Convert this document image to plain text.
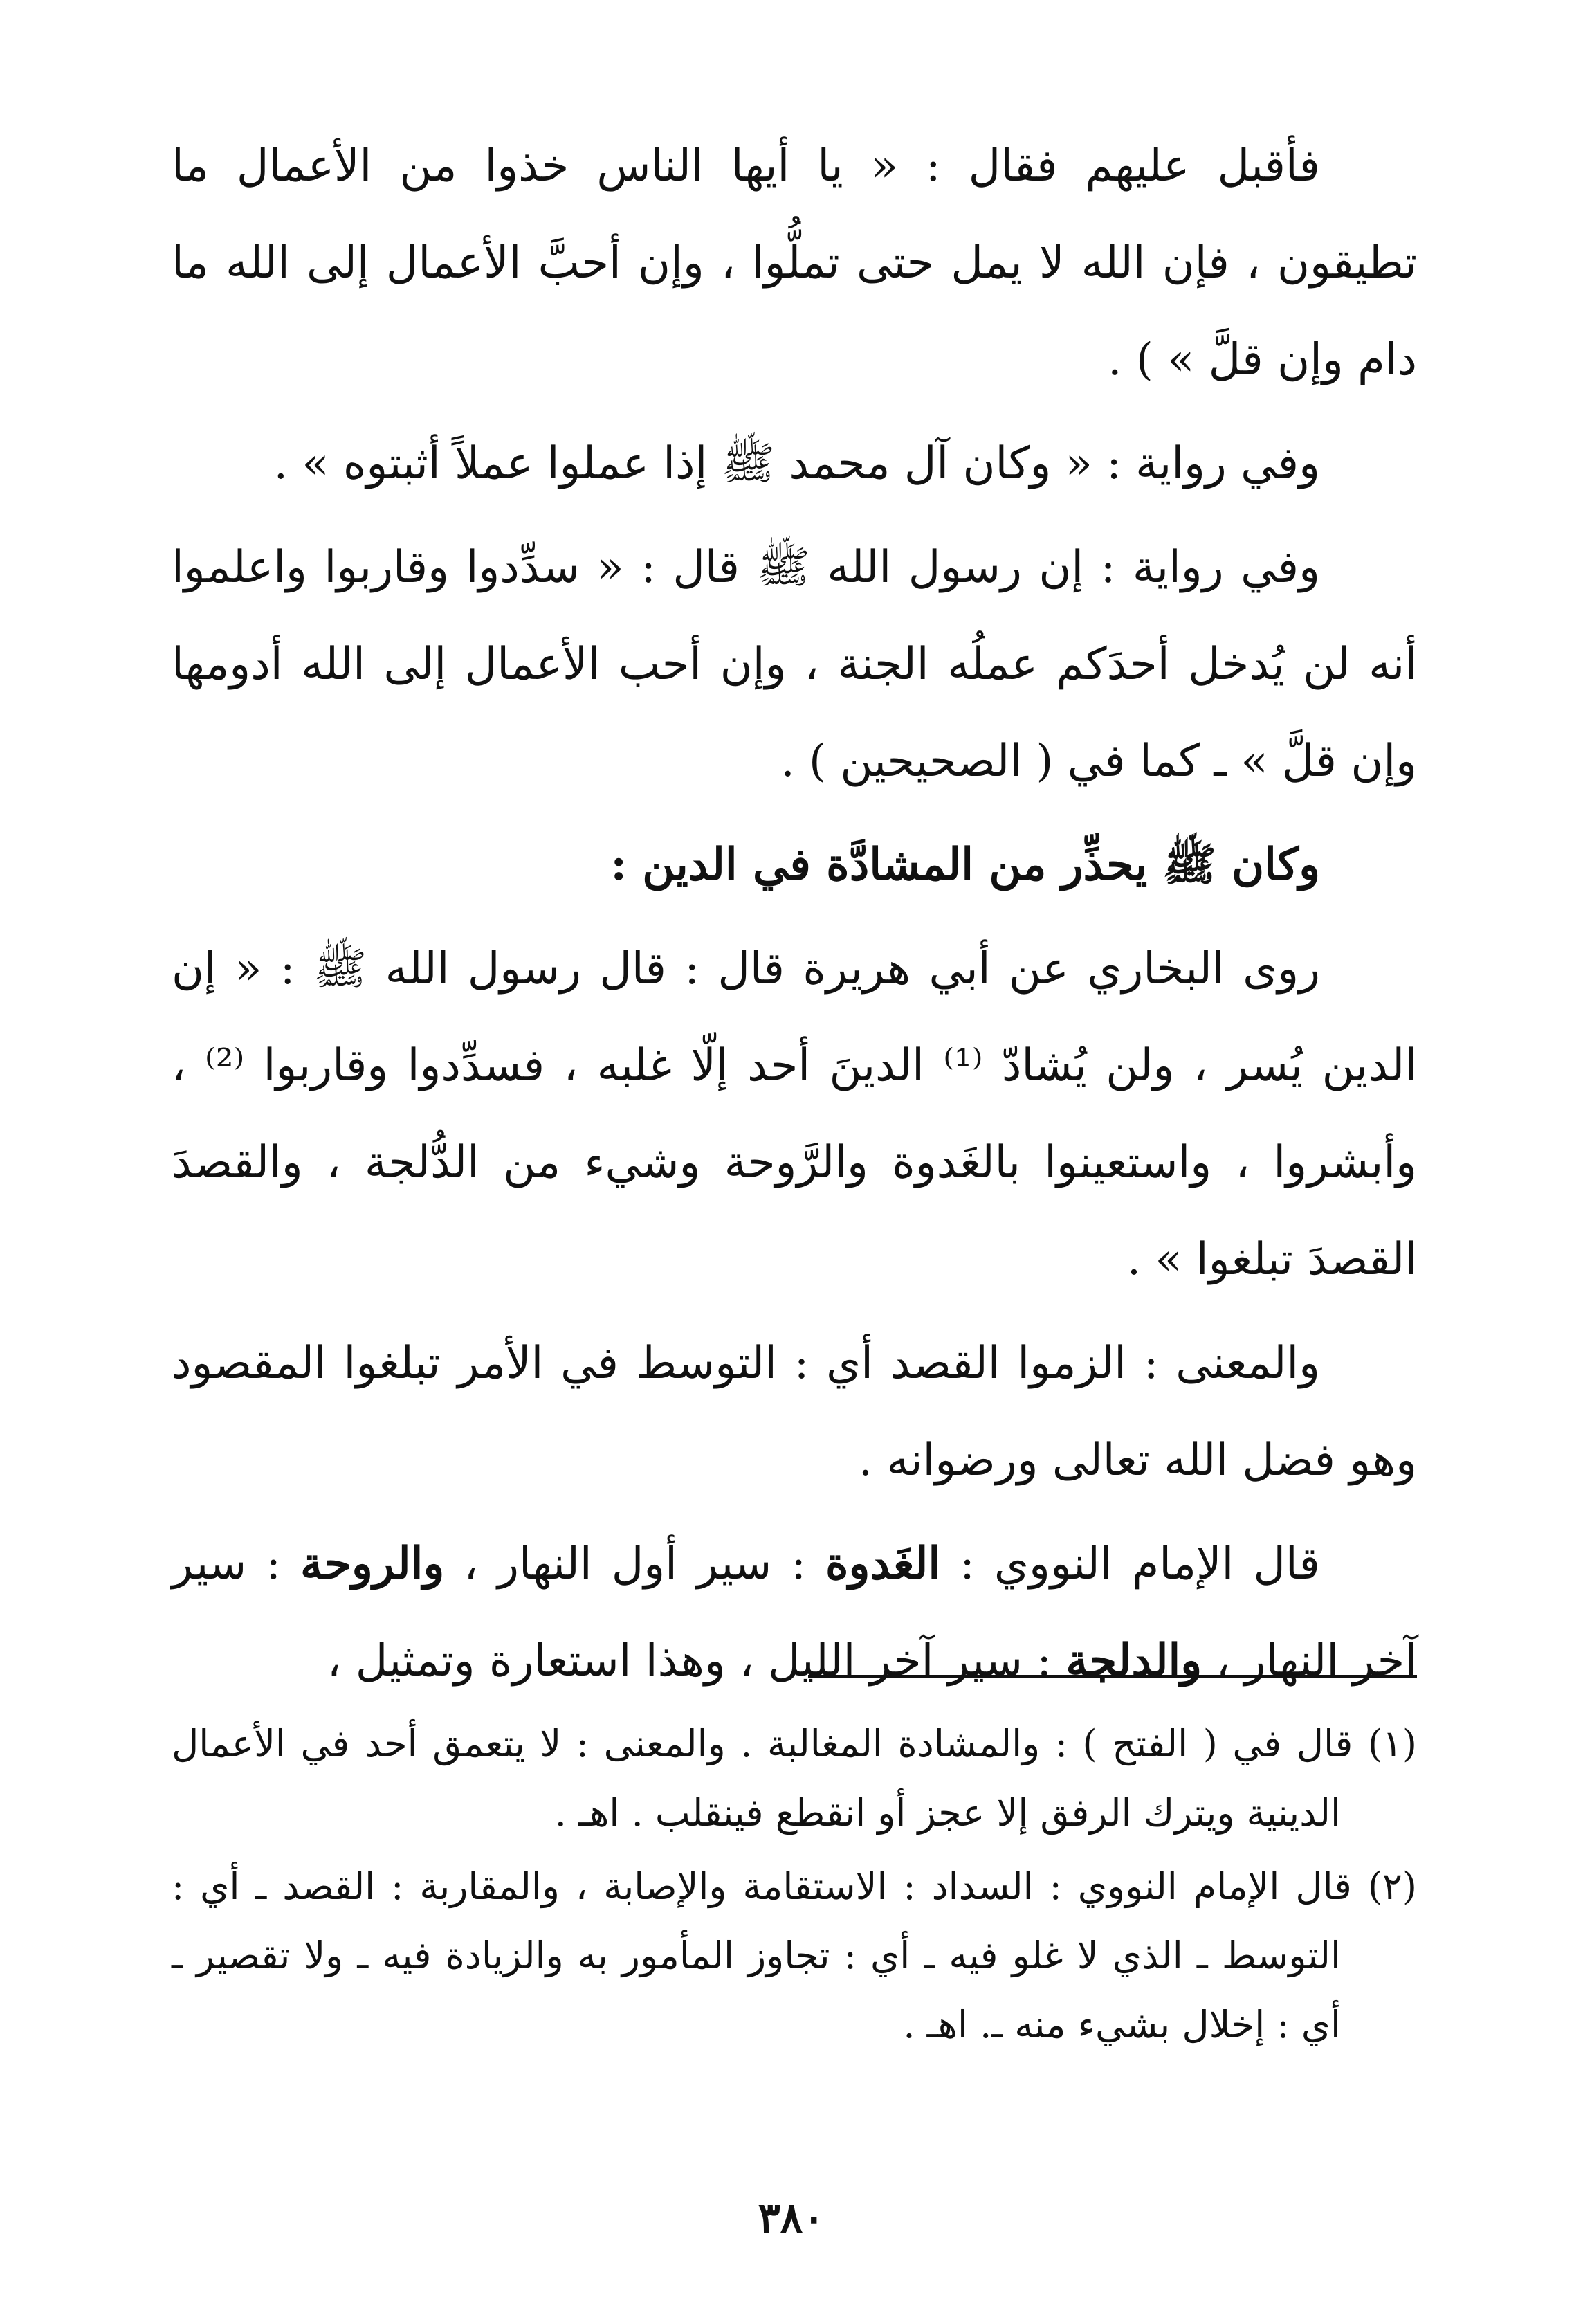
فأقبل عليهم فقال : « يا أيها الناس خذوا من الأعمال ما تطيقون ، فإن الله لا يمل حتى تملُّوا ، وإن أحبَّ الأعمال إلى الله ما دام وإن قلَّ » ) .

وفي رواية : « وكان آل محمد ﷺ إذا عملوا عملاً أثبتوه » .

وفي رواية : إن رسول الله ﷺ قال : « سدِّدوا وقاربوا واعلموا أنه لن يُدخل أحدَكم عملُه الجنة ، وإن أحب الأعمال إلى الله أدومها وإن قلَّ » ـ كما في ( الصحيحين ) .

وكان ﷺ يحذِّر من المشادَّة في الدين :

روى البخاري عن أبي هريرة قال : قال رسول الله ﷺ : « إن الدين يُسر ، ولن يُشادّ ⁽¹⁾ الدينَ أحد إلّا غلبه ، فسدِّدوا وقاربوا ⁽²⁾ ، وأبشروا ، واستعينوا بالغَدوة والرَّوحة وشيء من الدُّلجة ، والقصدَ القصدَ تبلغوا » .

والمعنى : الزموا القصد أي : التوسط في الأمر تبلغوا المقصود وهو فضل الله تعالى ورضوانه .

قال الإمام النووي : الغَدوة : سير أول النهار ، والروحة : سير آخر النهار ، والدلجة : سير آخر الليل ، وهذا استعارة وتمثيل ،

(١) قال في ( الفتح ) : والمشادة المغالبة . والمعنى : لا يتعمق أحد في الأعمال الدينية ويترك الرفق إلا عجز أو انقطع فينقلب . اهـ .

(٢) قال الإمام النووي : السداد : الاستقامة والإصابة ، والمقاربة : القصد ـ أي : التوسط ـ الذي لا غلو فيه ـ أي : تجاوز المأمور به والزيادة فيه ـ ولا تقصير ـ أي : إخلال بشيء منه ـ. اهـ .

٣٨٠
